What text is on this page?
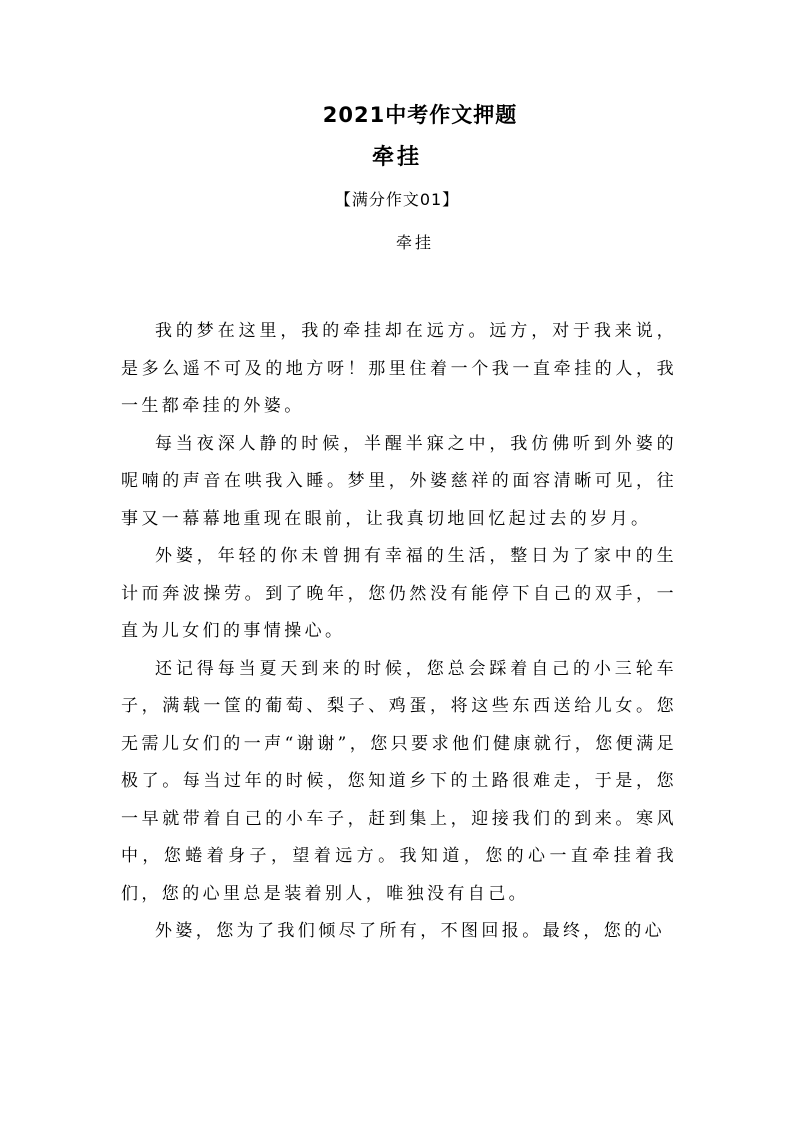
2021中考作文押题
牵挂
【满分作文01】
牵挂

我的梦在这里，我的牵挂却在远方。远方，对于我来说，是多么遥不可及的地方呀！那里住着一个我一直牵挂的人，我一生都牵挂的外婆。

每当夜深人静的时候，半醒半寐之中，我仿佛听到外婆的呢喃的声音在哄我入睡。梦里，外婆慈祥的面容清晰可见，往事又一幕幕地重现在眼前，让我真切地回忆起过去的岁月。

外婆，年轻的你未曾拥有幸福的生活，整日为了家中的生计而奔波操劳。到了晚年，您仍然没有能停下自己的双手，一直为儿女们的事情操心。

还记得每当夏天到来的时候，您总会踩着自己的小三轮车子，满载一筐的葡萄、梨子、鸡蛋，将这些东西送给儿女。您无需儿女们的一声“谢谢”，您只要求他们健康就行，您便满足极了。每当过年的时候，您知道乡下的土路很难走，于是，您一早就带着自己的小车子，赶到集上，迎接我们的到来。寒风中，您蜷着身子，望着远方。我知道，您的心一直牵挂着我们，您的心里总是装着别人，唯独没有自己。

外婆，您为了我们倾尽了所有，不图回报。最终，您的心
